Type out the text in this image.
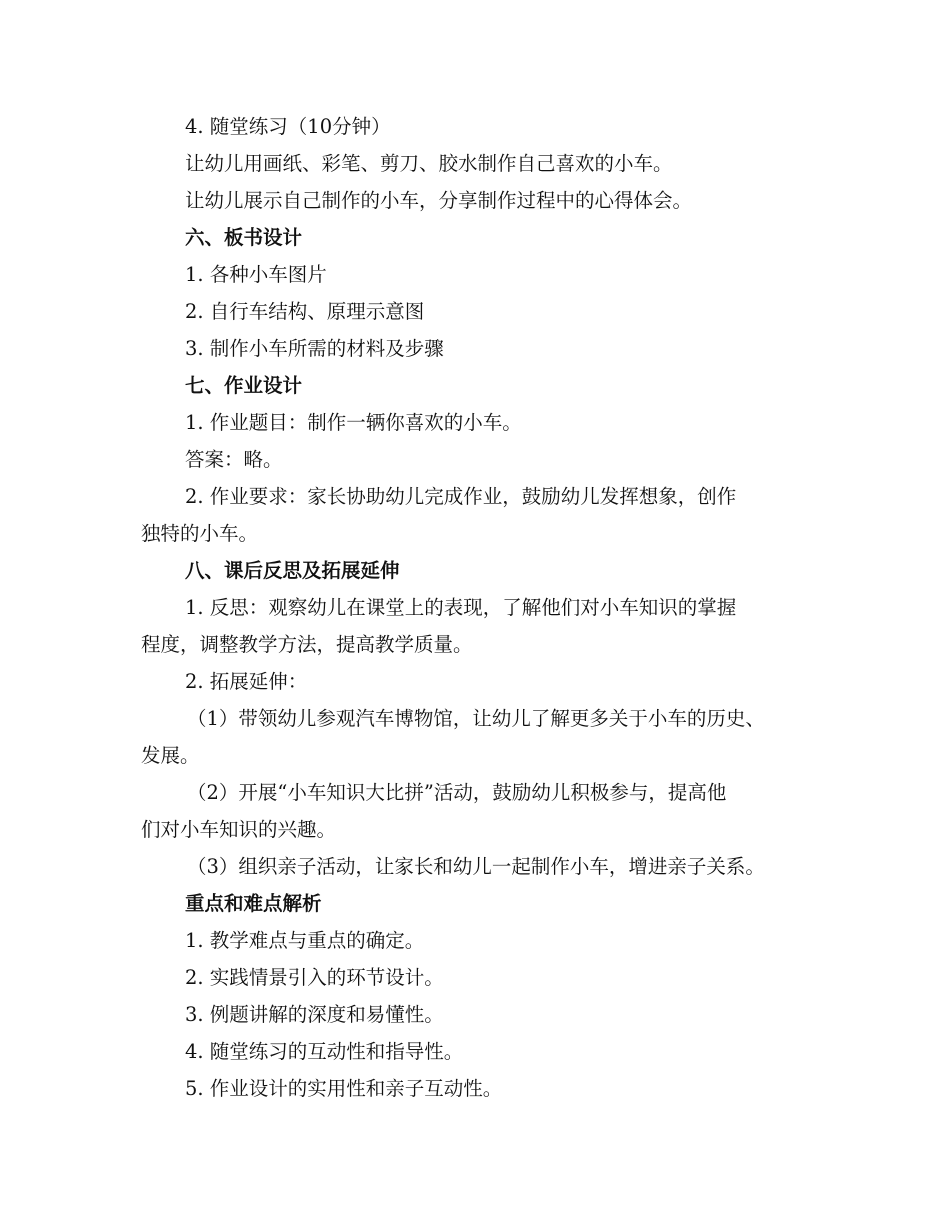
4. 随堂练习（10分钟）
让幼儿用画纸、彩笔、剪刀、胶水制作自己喜欢的小车。
让幼儿展示自己制作的小车，分享制作过程中的心得体会。
六、板书设计
1. 各种小车图片
2. 自行车结构、原理示意图
3. 制作小车所需的材料及步骤
七、作业设计
1. 作业题目：制作一辆你喜欢的小车。
答案：略。
2. 作业要求：家长协助幼儿完成作业，鼓励幼儿发挥想象，创作
独特的小车。
八、课后反思及拓展延伸
1. 反思：观察幼儿在课堂上的表现，了解他们对小车知识的掌握
程度，调整教学方法，提高教学质量。
2. 拓展延伸：
（1）带领幼儿参观汽车博物馆，让幼儿了解更多关于小车的历史、
发展。
（2）开展“小车知识大比拼”活动，鼓励幼儿积极参与，提高他
们对小车知识的兴趣。
（3）组织亲子活动，让家长和幼儿一起制作小车，增进亲子关系。
重点和难点解析
1. 教学难点与重点的确定。
2. 实践情景引入的环节设计。
3. 例题讲解的深度和易懂性。
4. 随堂练习的互动性和指导性。
5. 作业设计的实用性和亲子互动性。
